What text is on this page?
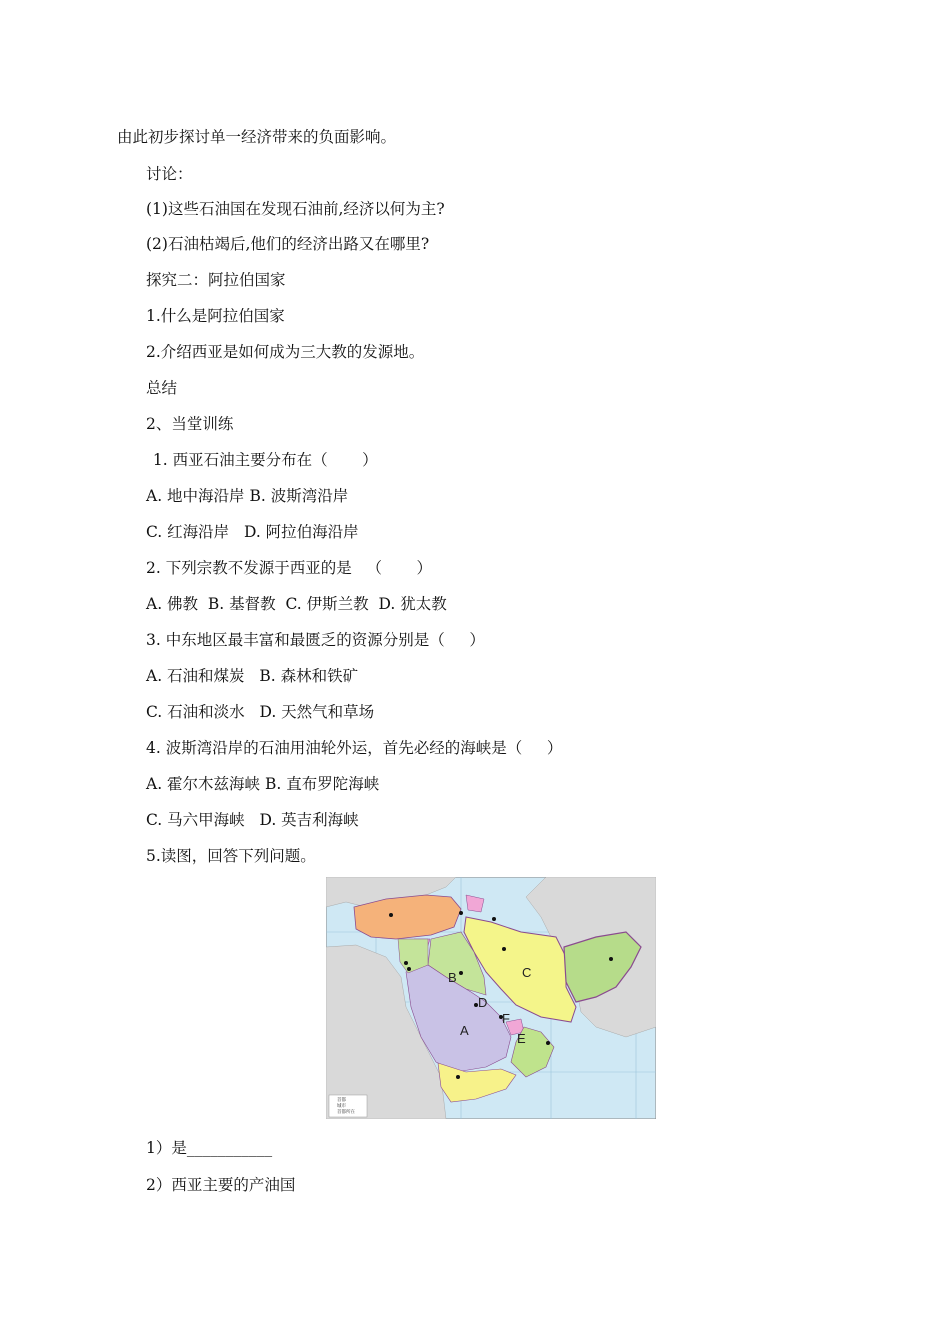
由此初步探讨单一经济带来的负面影响。
讨论：
(1)这些石油国在发现石油前,经济以何为主?
(2)石油枯竭后,他们的经济出路又在哪里?
探究二：阿拉伯国家
1.什么是阿拉伯国家
2.介绍西亚是如何成为三大教的发源地。
总结
2、当堂训练
1. 西亚石油主要分布在（       ）
A. 地中海沿岸 B. 波斯湾沿岸
C. 红海沿岸   D. 阿拉伯海沿岸
2. 下列宗教不发源于西亚的是   （       ）
A. 佛教  B. 基督教  C. 伊斯兰教  D. 犹太教
3. 中东地区最丰富和最匮乏的资源分别是（     ）
A. 石油和煤炭   B. 森林和铁矿
C. 石油和淡水   D. 天然气和草场
4. 波斯湾沿岸的石油用油轮外运，首先必经的海峡是（     ）
A. 霍尔木兹海峡 B. 直布罗陀海峡
C. 马六甲海峡   D. 英吉利海峡
5.读图，回答下列问题。
A
B	C
D
E
F
首都
城市
首都所在
1）是___________
2）西亚主要的产油国
